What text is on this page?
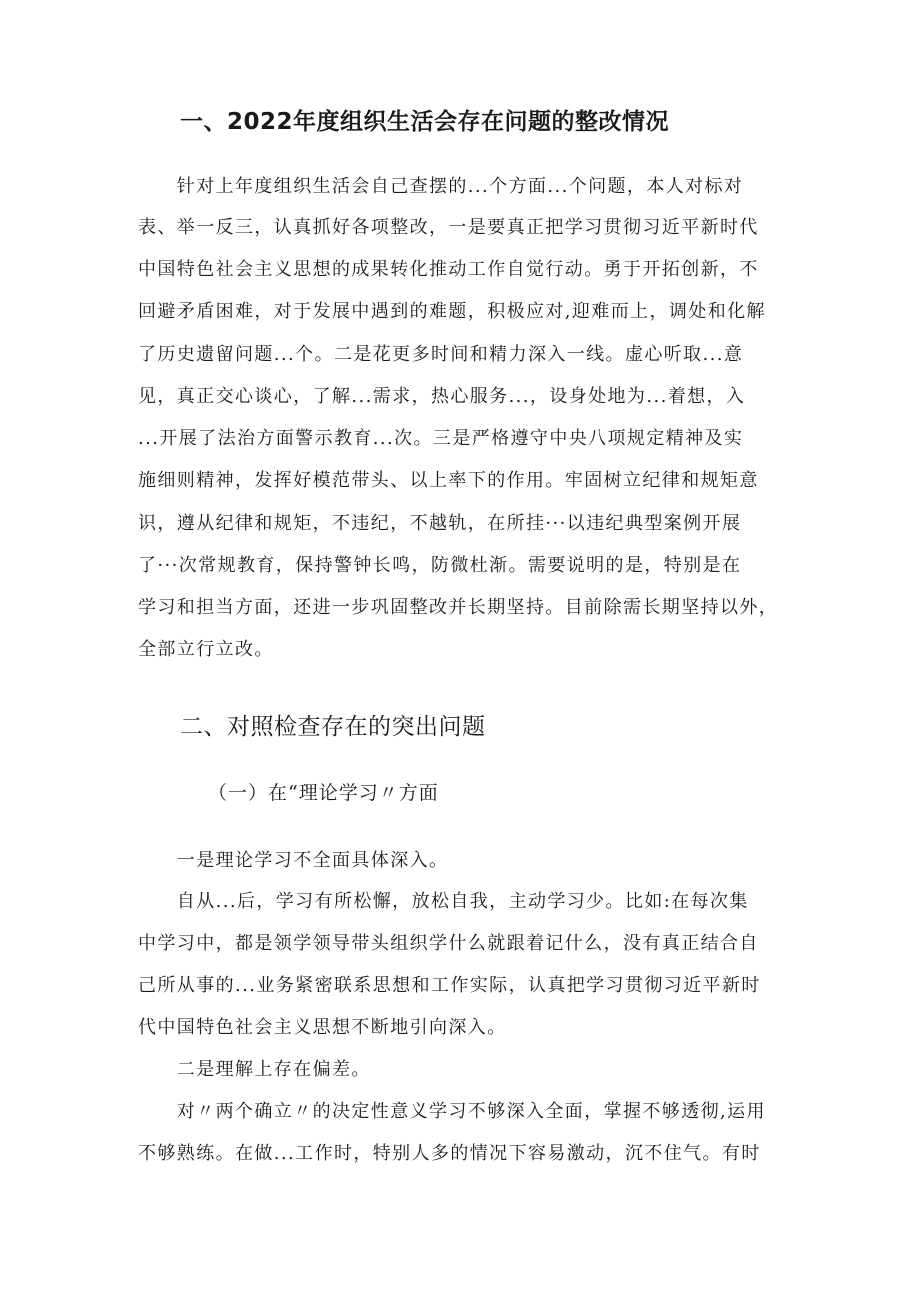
一、2022年度组织生活会存在问题的整改情况
　　针对上年度组织生活会自己查摆的...个方面...个问题，本人对标对
表、举一反三，认真抓好各项整改，一是要真正把学习贯彻习近平新时代
中国特色社会主义思想的成果转化推动工作自觉行动。勇于开拓创新，不
回避矛盾困难，对于发展中遇到的难题，积极应对,迎难而上，调处和化解
了历史遗留问题...个。二是花更多时间和精力深入一线。虚心听取...意
见，真正交心谈心，了解...需求，热心服务...，设身处地为...着想，入
...开展了法治方面警示教育...次。三是严格遵守中央八项规定精神及实
施细则精神，发挥好模范带头、以上率下的作用。牢固树立纪律和规矩意
识，遵从纪律和规矩，不违纪，不越轨，在所挂···以违纪典型案例开展
了···次常规教育，保持警钟长鸣，防微杜渐。需要说明的是，特别是在
学习和担当方面，还进一步巩固整改并长期坚持。目前除需长期坚持以外，
全部立行立改。
二、对照检查存在的突出问题
（一）在“理论学习〃方面
　　一是理论学习不全面具体深入。
　　自从...后，学习有所松懈，放松自我，主动学习少。比如:在每次集
中学习中，都是领学领导带头组织学什么就跟着记什么，没有真正结合自
己所从事的...业务紧密联系思想和工作实际，认真把学习贯彻习近平新时
代中国特色社会主义思想不断地引向深入。
　　二是理解上存在偏差。
　　对〃两个确立〃的决定性意义学习不够深入全面，掌握不够透彻,运用
不够熟练。在做...工作时，特别人多的情况下容易激动，沉不住气。有时
